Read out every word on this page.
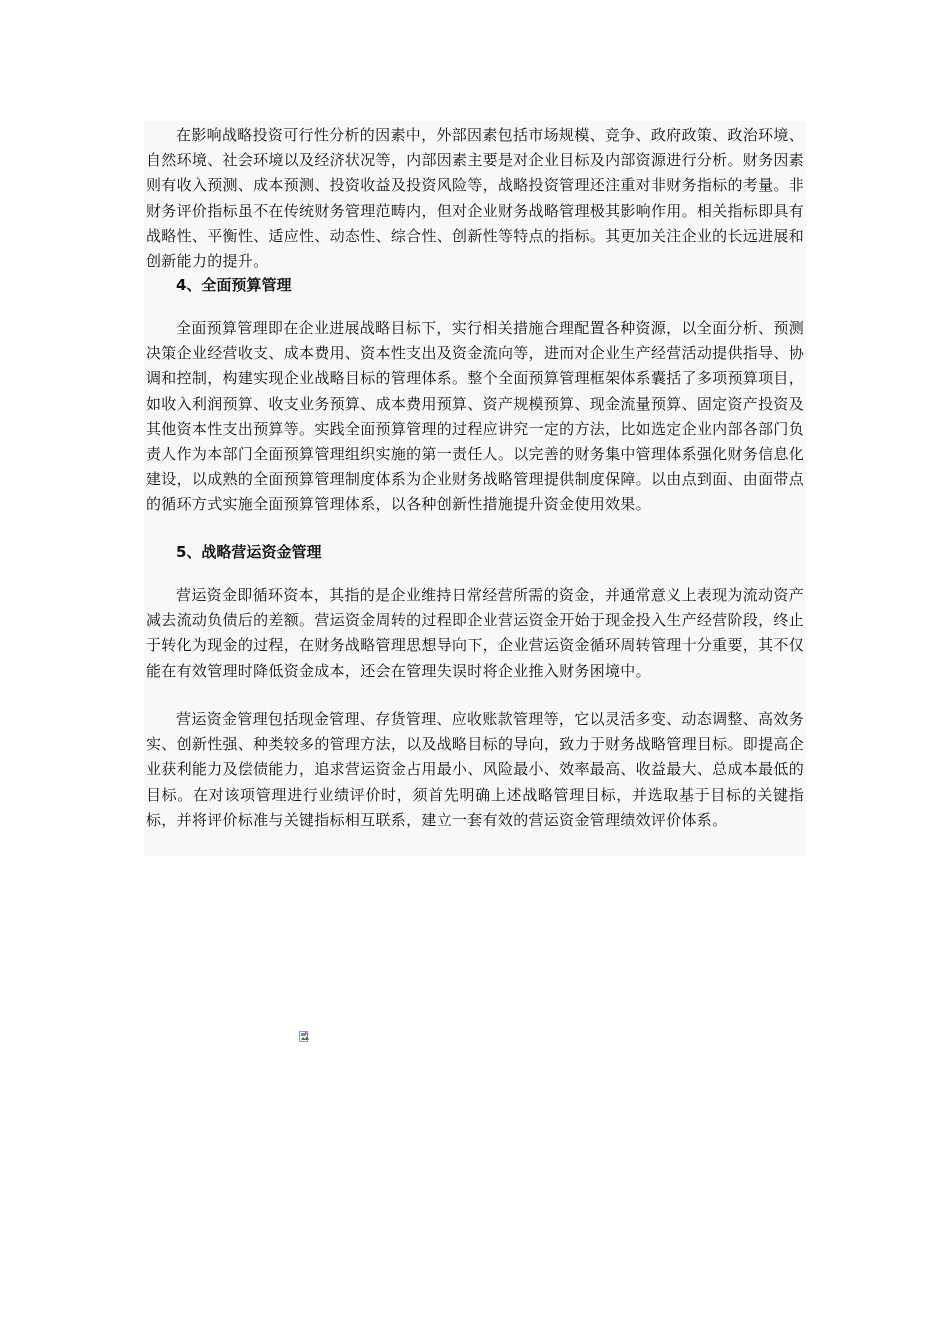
在影响战略投资可行性分析的因素中，外部因素包括市场规模、竞争、政府政策、政治环境、自然环境、社会环境以及经济状况等，内部因素主要是对企业目标及内部资源进行分析。财务因素则有收入预测、成本预测、投资收益及投资风险等，战略投资管理还注重对非财务指标的考量。非财务评价指标虽不在传统财务管理范畴内，但对企业财务战略管理极其影响作用。相关指标即具有战略性、平衡性、适应性、动态性、综合性、创新性等特点的指标。其更加关注企业的长远进展和创新能力的提升。

4、全面预算管理

全面预算管理即在企业进展战略目标下，实行相关措施合理配置各种资源，以全面分析、预测决策企业经营收支、成本费用、资本性支出及资金流向等，进而对企业生产经营活动提供指导、协调和控制，构建实现企业战略目标的管理体系。整个全面预算管理框架体系囊括了多项预算项目，如收入利润预算、收支业务预算、成本费用预算、资产规模预算、现金流量预算、固定资产投资及其他资本性支出预算等。实践全面预算管理的过程应讲究一定的方法，比如选定企业内部各部门负责人作为本部门全面预算管理组织实施的第一责任人。以完善的财务集中管理体系强化财务信息化建设，以成熟的全面预算管理制度体系为企业财务战略管理提供制度保障。以由点到面、由面带点的循环方式实施全面预算管理体系，以各种创新性措施提升资金使用效果。

5、战略营运资金管理

营运资金即循环资本，其指的是企业维持日常经营所需的资金，并通常意义上表现为流动资产减去流动负债后的差额。营运资金周转的过程即企业营运资金开始于现金投入生产经营阶段，终止于转化为现金的过程，在财务战略管理思想导向下，企业营运资金循环周转管理十分重要，其不仅能在有效管理时降低资金成本，还会在管理失误时将企业推入财务困境中。

营运资金管理包括现金管理、存货管理、应收账款管理等，它以灵活多变、动态调整、高效务实、创新性强、种类较多的管理方法，以及战略目标的导向，致力于财务战略管理目标。即提高企业获利能力及偿债能力，追求营运资金占用最小、风险最小、效率最高、收益最大、总成本最低的目标。在对该项管理进行业绩评价时，须首先明确上述战略管理目标，并选取基于目标的关键指标，并将评价标准与关键指标相互联系，建立一套有效的营运资金管理绩效评价体系。
